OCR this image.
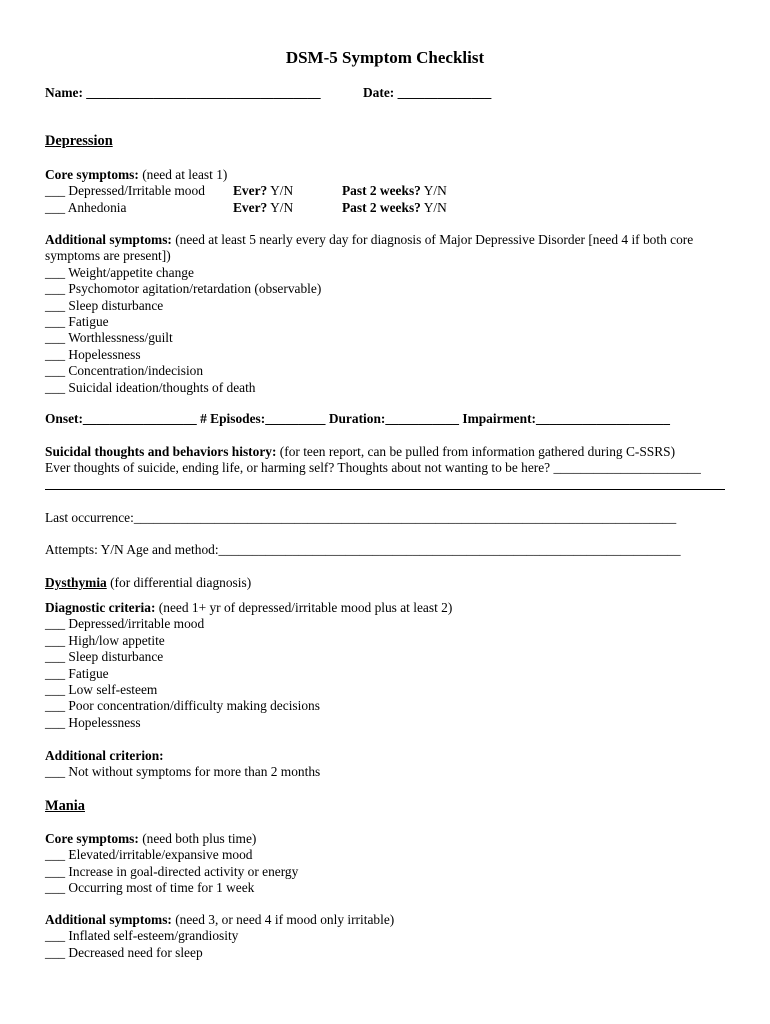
DSM-5 Symptom Checklist
Name: ___________________________________	Date: ______________
Depression
Core symptoms: (need at least 1)
___ Depressed/Irritable mood Ever? Y/N	Past 2 weeks? Y/N
___ Anhedonia	Ever? Y/N	Past 2 weeks? Y/N
Additional symptoms: (need at least 5 nearly every day for diagnosis of Major Depressive Disorder [need 4 if both core symptoms are present])
___ Weight/appetite change
___ Psychomotor agitation/retardation (observable)
___ Sleep disturbance
___ Fatigue
___ Worthlessness/guilt
___ Hopelessness
___ Concentration/indecision
___ Suicidal ideation/thoughts of death
Onset:_________________ # Episodes:_________ Duration:___________ Impairment:____________________
Suicidal thoughts and behaviors history: (for teen report, can be pulled from information gathered during C-SSRS)
Ever thoughts of suicide, ending life, or harming self? Thoughts about not wanting to be here? ______________________
Last occurrence:_________________________________________________________________________________
Attempts: Y/N Age and method:_____________________________________________________________________
Dysthymia (for differential diagnosis)
Diagnostic criteria: (need 1+ yr of depressed/irritable mood plus at least 2)
___ Depressed/irritable mood
___ High/low appetite
___ Sleep disturbance
___ Fatigue
___ Low self-esteem
___ Poor concentration/difficulty making decisions
___ Hopelessness
Additional criterion:
___ Not without symptoms for more than 2 months
Mania
Core symptoms: (need both plus time)
___ Elevated/irritable/expansive mood
___ Increase in goal-directed activity or energy
___ Occurring most of time for 1 week
Additional symptoms: (need 3, or need 4 if mood only irritable)
___ Inflated self-esteem/grandiosity
___ Decreased need for sleep
